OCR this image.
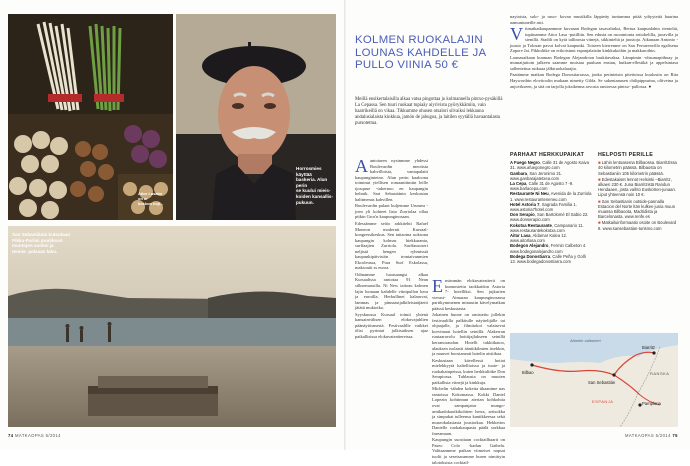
Aitor Lasabe on ar
koskon koji...
Horrosmies käyttää
baskeria. Alun perin
se kuului mieis-
koiden kansallis-
pukuun.
San Sebastiánia kutsutaan
Pikku-Pariisi puoliksun
muotojen vuoksi ja
tennis- palsaan laku.
74 MATKAOPAS 5/2014
KOLMEN RUOKALAJIN LOUNAS KAHDELLE JA PULLO VIINIA 50 €
Meillä ensikertalaisilla alkaa vatsa pingottaa jo kolmannella pintxo-pysäkillä La Cepassa. Sen tuuri ruokaat tupiaäy aiyrivistu pyörykkämiin, vain haarrikeillä on vikaa. Tikkumme ohusen otsalori silvaiksi lekkauna andalusialaista kinkkua, jamón de jabugoa, ja laitilen syytällä havaantalasta pursotettua.

Aantoiaren nysinmme yhdessi Boulevardin meotista kahvilloista, vaniapalatti kaupunginteino. Alun perin kaaloona toiminut yiellisen romaanittmiin leille tjosquue -tukernoo en kaupangin helmik. Sari Sebastiánin keskustan halttmenas kahvillen.

Boulevardin palaut kuljemme Urumea -joen yli kohteet lista Zurriolaa ullaa pitkin Gros'n kaupunginosaan.

Edessämme seiöo arkkitehti Rafael Moneon modernit Kursaal-kongressikeskus. Sen taitaoina uoksona kaupungin kolmas hiekkaranta, surffaajien Zurriola. Surffausoseri neljistä hengen ryhmissiä kaupunkipäivistön trontaivanmien Ekcoleussa, Pura Surf Eskolassa, maksoaiit ss euroa.

Odinamme luoasaangsi alkaa Kursaalissa rantotaa 91 Nean silksemassilla. Ni New taitoau kolmen lajin luonaan kahdelle viinipullon kera ja euroilla. Herkullinet kalaruvat, lammas ja pinnaastjalkileistaäjäetti jätätä mukiotko.

Syyskuussa Kursaal toimii yhtenä kansainvälisen elokuvajuhlien päänäytösmestä. Festivaalille vaikkei ölisi pyrintat julkisuiksen ajaz paikallisissa elokuvateattereissa.

Ensimmän elokuvateatterit on kunnostettu taokkaidon Astoria 7- hotelliksi. Sen jujkurien vierast- Aimaran kaupunginosassa partikymmenen minuutin kävelymatkan päässä keskustasta.

Jokainen huone on omisteitu jollekin festivaalilla palkitulle näyttelijälle tai ohjaajalle, ja filmitokot valaisevat korvimaat hotellin seinillä. Alakerran ruutaaravolu hoittijajlakseen seinillä kerranoraudan. Hotelli tukkiikatoo, alauksen isolaatti ääntiikilmien itsekkin, ja mauvet boostaneatt hotelin aistiikaa.

Keskustaan kävellessä hotiat mielekkyytä kaltellioissa ja tuote- ja ruokakatupeissa, kuten herkkuliitke Don Serapiossa. Tuhlausta on muuten paikallisia viinejä ja kinkkuja.

Michelin -tähden kokeita tikaanime nas rantoissa Kokomassa. Kokki Daniel Lopezin kohtinnun aterian kohkohtia ovat sampanjatar mungo- arnikadokaotkikohtien herra, artisokka ja simpukat tulleensa kantikkeessa sekä museokalastasta juustorkaa. Hekkettos Danielle ruokakaupasta päälä sorkkaa fnreamaan.

Kaupungin suositaan cocktailbaarit on Paseo Colo -kadun Gatbela. Valitaanmme paikan viimeiset napsat tuolit ja sesetsaramme buren nimittyin talotoksista cocktail-

naytoista, sulo- ja ruuo- kovan musiikilla läppieäy tuntumma pitää ydtyyteitä baarina aamuntuneille asti.

Viimatkatkaupanmme kuvaaan Bodegan tasavaltaksi, Bertua kaupunlahin rientoltä, tupiinamme Aitor Lasa -putilliin. Sen edusta on ruorantonta artiokelilla, juoavilla ja sienillä. Stadili on kytä tallinosia viinejä, sikkinieltä ja juustoja. Aikanaan Antonio -juusto ja Tolosan pavut kolvat kaupunki. Toiseen kierrenme on San Ferrarenvilla egalisena Zapore Jai. Pikkuliike on erikoistnut espanjalaisiin kinkkukoihin ja makkaroihin.

Lounasaikaan kuuman Bodegan Alejandroon baskitavaksa. Lämpimin -ohsumapitbuay ja mumaijuttoin jalkeen saamme muistaa pauluan ensian, hutkan-ellestikä ja appelsiniasa sallentettua ruikuaa jälkiruokalarajta.

Paatämme matkan Bodega Donostiarrassa, jonka perinteisin pitettoissa kuulostin on Rita Hayworthin elovitoolin mukaan nimetty Gilda. Se sakentanasen chilipippurina, oliiveina ja anjovikseen, ja sitä on tarjolla joksikenna arvosta rantoessa pintxo- pallossa. ●

PARHAAT HERKKUPAIKAT
A Fuego Negro, Calle 31 de Agosto Kaiva 31. www.afuegonegro.com
Ganbara, San Jeronimo 21. www.ganbarajatetxea.com
La Cepa, Calle 31 de Agosto 7 -9. www.barlacepa.com
Restaurante Ni Neu, Avenida de la Zurriola 1. www.restauranteneneu.com
Hotel Astoria 7, Sagrada Familia 1. www.astoria7hotel.com
Don Serapio, San Bartolomé El Sabio 22. www.donserapio.com
Kokotxa Restaurante, Campanario 11. www.restaurantekokotxa.com
Aitor Lasa, Aldamar Kalea 12. www.aitorlasa.com
Bodegon Alejandro, Fermin Calbeton 4. www.bodegonalejandro.com
Bodega Donostiarra, Calle Peña y Goñi 13. www.bodegadonostiarra.com
HELPOSTI PERILLE
■ Lähin lentoasema Bilbaossa. Biarritzissa 40 kilometrin päässä. Bilbaosta on Sebastianiin 105 kilometrin päässä.
■ Edestakaiset lennot Helsinki –Biarritz, alkaen 230 €. Juna Biarritzistä Randun Hendaaen, josta vaihto Euskotren-junaan. Liput yhteensä noin 10 €.
■ San Sebastianin outside-pannalla Estacion del Norte ltän kulkee junia muun muassa Bilbaoota, Madridista ja Barcelonasta. www.renfe.es
■ Matkailuinformaatio osoite on Boulevard 8. www.sansebastian-turismo.com
Atlantin valtameri
Biarritz
Bilbao
San Sebastián
Pamplona
RANSKA
ESPANJA
MATKAOPAS 5/2014 75
